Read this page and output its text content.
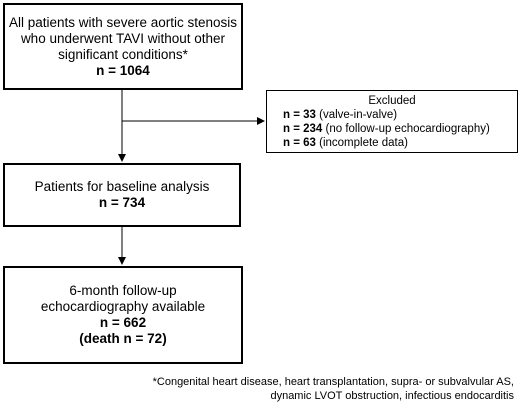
All patients with severe aortic stenosis who underwent TAVI without other significant conditions*
n = 1064
Excluded
n = 33 (valve-in-valve)
n = 234 (no follow-up echocardiography)
n = 63 (incomplete data)
Patients for baseline analysis
n = 734
6-month follow-up echocardiography available
n = 662
(death n = 72)
*Congenital heart disease, heart transplantation, supra- or subvalvular AS, dynamic LVOT obstruction, infectious endocarditis
